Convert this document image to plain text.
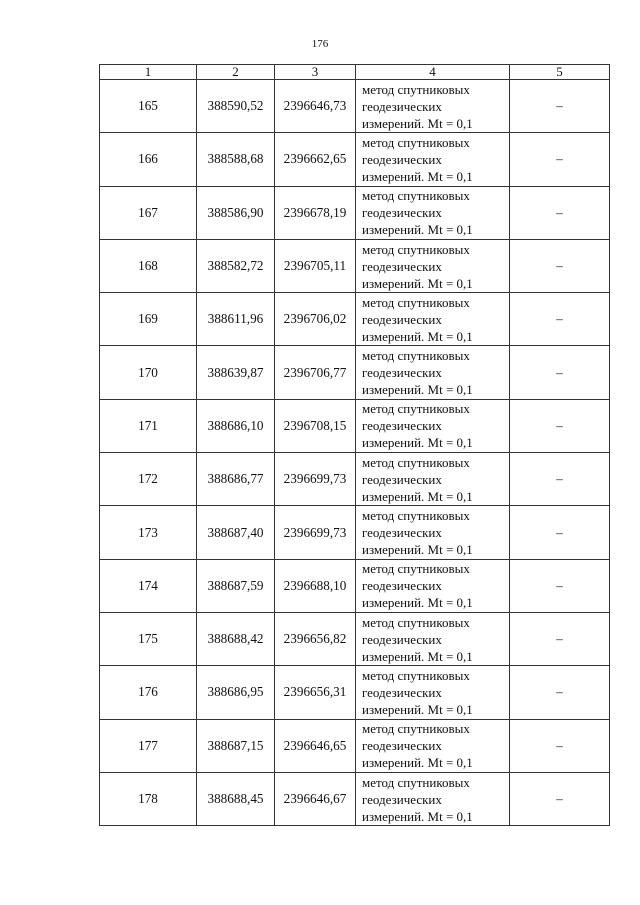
176
1	2	3	4	5
165	388590,52	2396646,73	метод спутниковых
геодезических
измерений. Mt = 0,1	–
166	388588,68	2396662,65	метод спутниковых
геодезических
измерений. Mt = 0,1	–
167	388586,90	2396678,19	метод спутниковых
геодезических
измерений. Mt = 0,1	–
168	388582,72	2396705,11	метод спутниковых
геодезических
измерений. Mt = 0,1	–
169	388611,96	2396706,02	метод спутниковых
геодезических
измерений. Mt = 0,1	–
170	388639,87	2396706,77	метод спутниковых
геодезических
измерений. Mt = 0,1	–
171	388686,10	2396708,15	метод спутниковых
геодезических
измерений. Mt = 0,1	–
172	388686,77	2396699,73	метод спутниковых
геодезических
измерений. Mt = 0,1	–
173	388687,40	2396699,73	метод спутниковых
геодезических
измерений. Mt = 0,1	–
174	388687,59	2396688,10	метод спутниковых
геодезических
измерений. Mt = 0,1	–
175	388688,42	2396656,82	метод спутниковых
геодезических
измерений. Mt = 0,1	–
176	388686,95	2396656,31	метод спутниковых
геодезических
измерений. Mt = 0,1	–
177	388687,15	2396646,65	метод спутниковых
геодезических
измерений. Mt = 0,1	–
178	388688,45	2396646,67	метод спутниковых
геодезических
измерений. Mt = 0,1	–
